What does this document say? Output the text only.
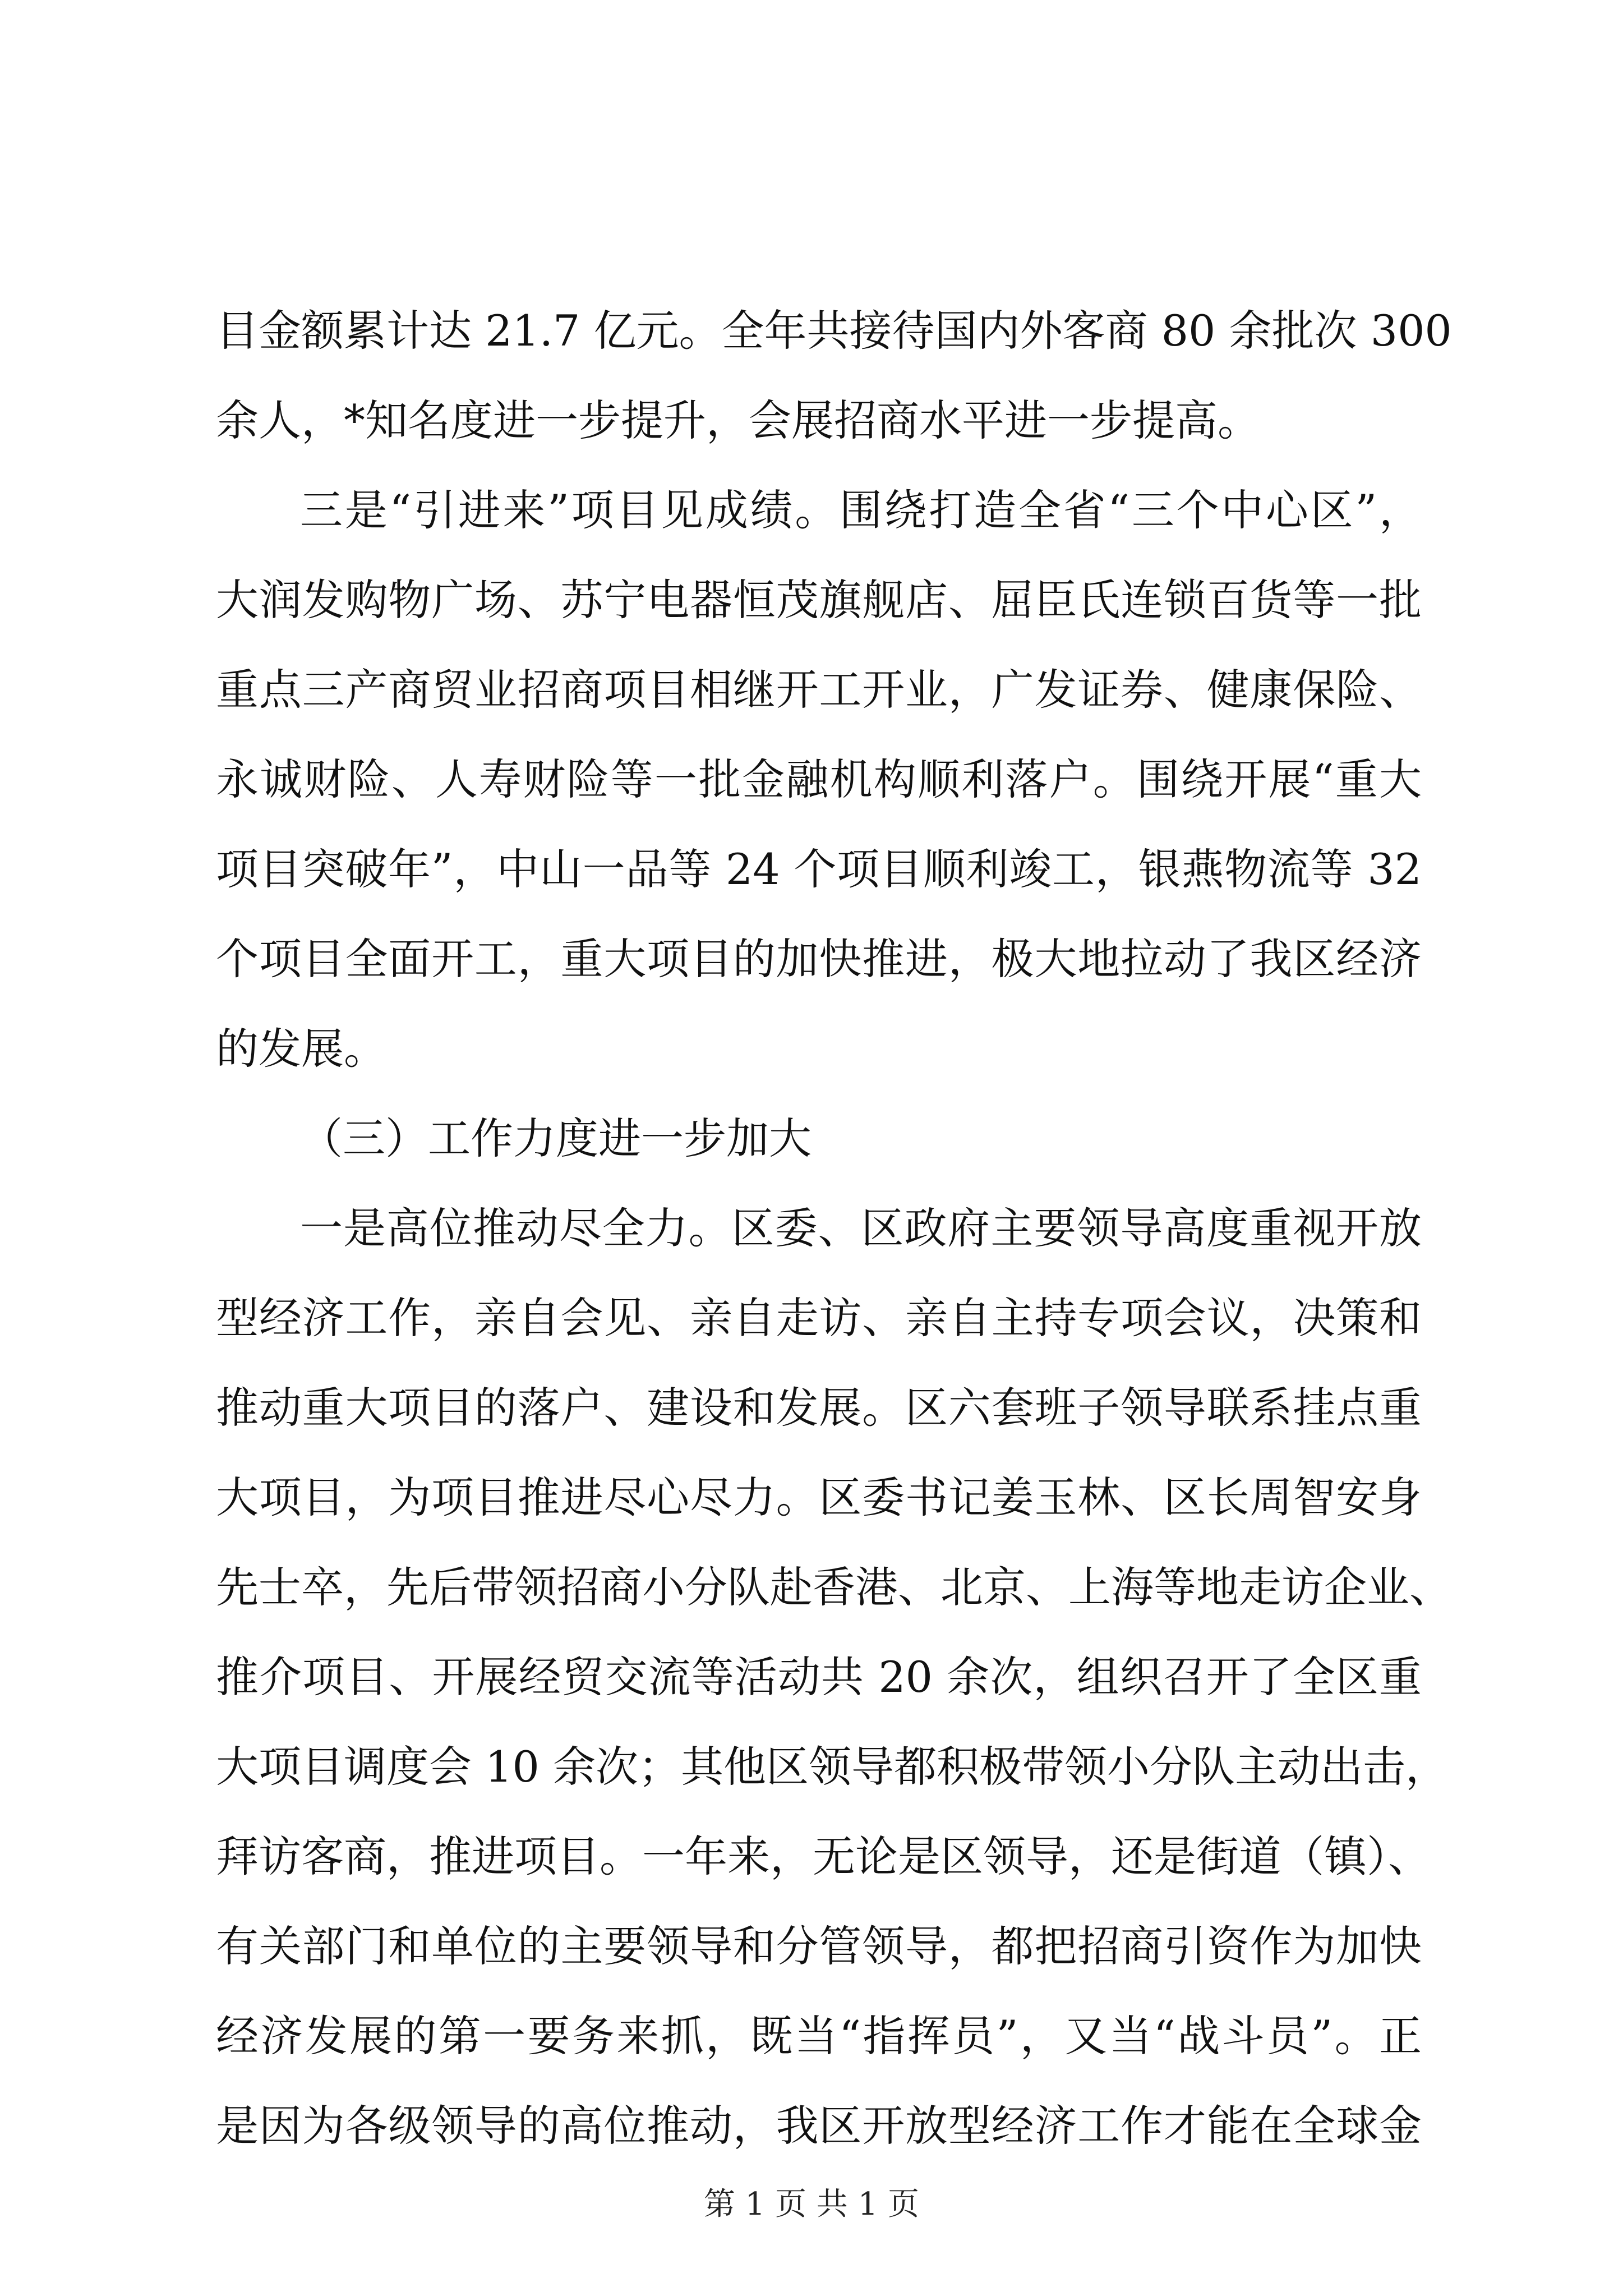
目金额累计达 21.7 亿元。全年共接待国内外客商 80 余批次 300
余人，*知名度进一步提升，会展招商水平进一步提高。
三是“引进来”项目见成绩。围绕打造全省“三个中心区”，
大润发购物广场、苏宁电器恒茂旗舰店、屈臣氏连锁百货等一批
重点三产商贸业招商项目相继开工开业，广发证券、健康保险、
永诚财险、人寿财险等一批金融机构顺利落户。围绕开展“重大
项目突破年”，中山一品等 24 个项目顺利竣工，银燕物流等 32
个项目全面开工，重大项目的加快推进，极大地拉动了我区经济
的发展。
（三）工作力度进一步加大
一是高位推动尽全力。区委、区政府主要领导高度重视开放
型经济工作，亲自会见、亲自走访、亲自主持专项会议，决策和
推动重大项目的落户、建设和发展。区六套班子领导联系挂点重
大项目，为项目推进尽心尽力。区委书记姜玉林、区长周智安身
先士卒，先后带领招商小分队赴香港、北京、上海等地走访企业、
推介项目、开展经贸交流等活动共 20 余次，组织召开了全区重
大项目调度会 10 余次；其他区领导都积极带领小分队主动出击，
拜访客商，推进项目。一年来，无论是区领导，还是街道（镇）、
有关部门和单位的主要领导和分管领导，都把招商引资作为加快
经济发展的第一要务来抓，既当“指挥员”，又当“战斗员”。正
是因为各级领导的高位推动，我区开放型经济工作才能在全球金
第 1 页 共 1 页
